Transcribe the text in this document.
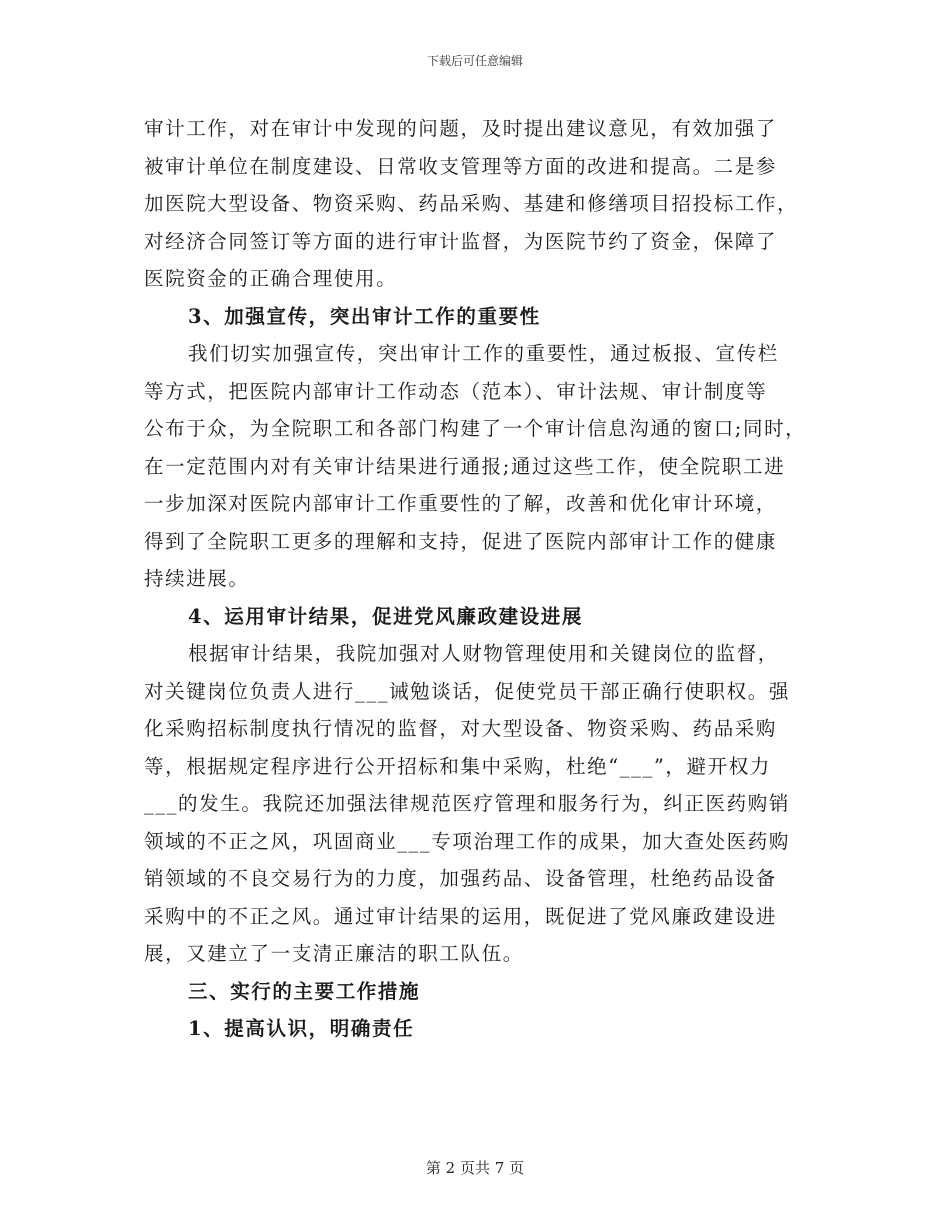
下载后可任意编辑
审计工作，对在审计中发现的问题，及时提出建议意见，有效加强了
被审计单位在制度建设、日常收支管理等方面的改进和提高。二是参
加医院大型设备、物资采购、药品采购、基建和修缮项目招投标工作，
对经济合同签订等方面的进行审计监督，为医院节约了资金，保障了
医院资金的正确合理使用。
3、加强宣传，突出审计工作的重要性
我们切实加强宣传，突出审计工作的重要性，通过板报、宣传栏
等方式，把医院内部审计工作动态（范本）、审计法规、审计制度等
公布于众，为全院职工和各部门构建了一个审计信息沟通的窗口;同时，
在一定范围内对有关审计结果进行通报;通过这些工作，使全院职工进
一步加深对医院内部审计工作重要性的了解，改善和优化审计环境，
得到了全院职工更多的理解和支持，促进了医院内部审计工作的健康
持续进展。
4、运用审计结果，促进党风廉政建设进展
根据审计结果，我院加强对人财物管理使用和关键岗位的监督，
对关键岗位负责人进行___诫勉谈话，促使党员干部正确行使职权。强
化采购招标制度执行情况的监督，对大型设备、物资采购、药品采购
等，根据规定程序进行公开招标和集中采购，杜绝“___”，避开权力
___的发生。我院还加强法律规范医疗管理和服务行为，纠正医药购销
领域的不正之风，巩固商业___专项治理工作的成果，加大查处医药购
销领域的不良交易行为的力度，加强药品、设备管理，杜绝药品设备
采购中的不正之风。通过审计结果的运用，既促进了党风廉政建设进
展，又建立了一支清正廉洁的职工队伍。
三、实行的主要工作措施
1、提高认识，明确责任
第 2 页共 7 页
